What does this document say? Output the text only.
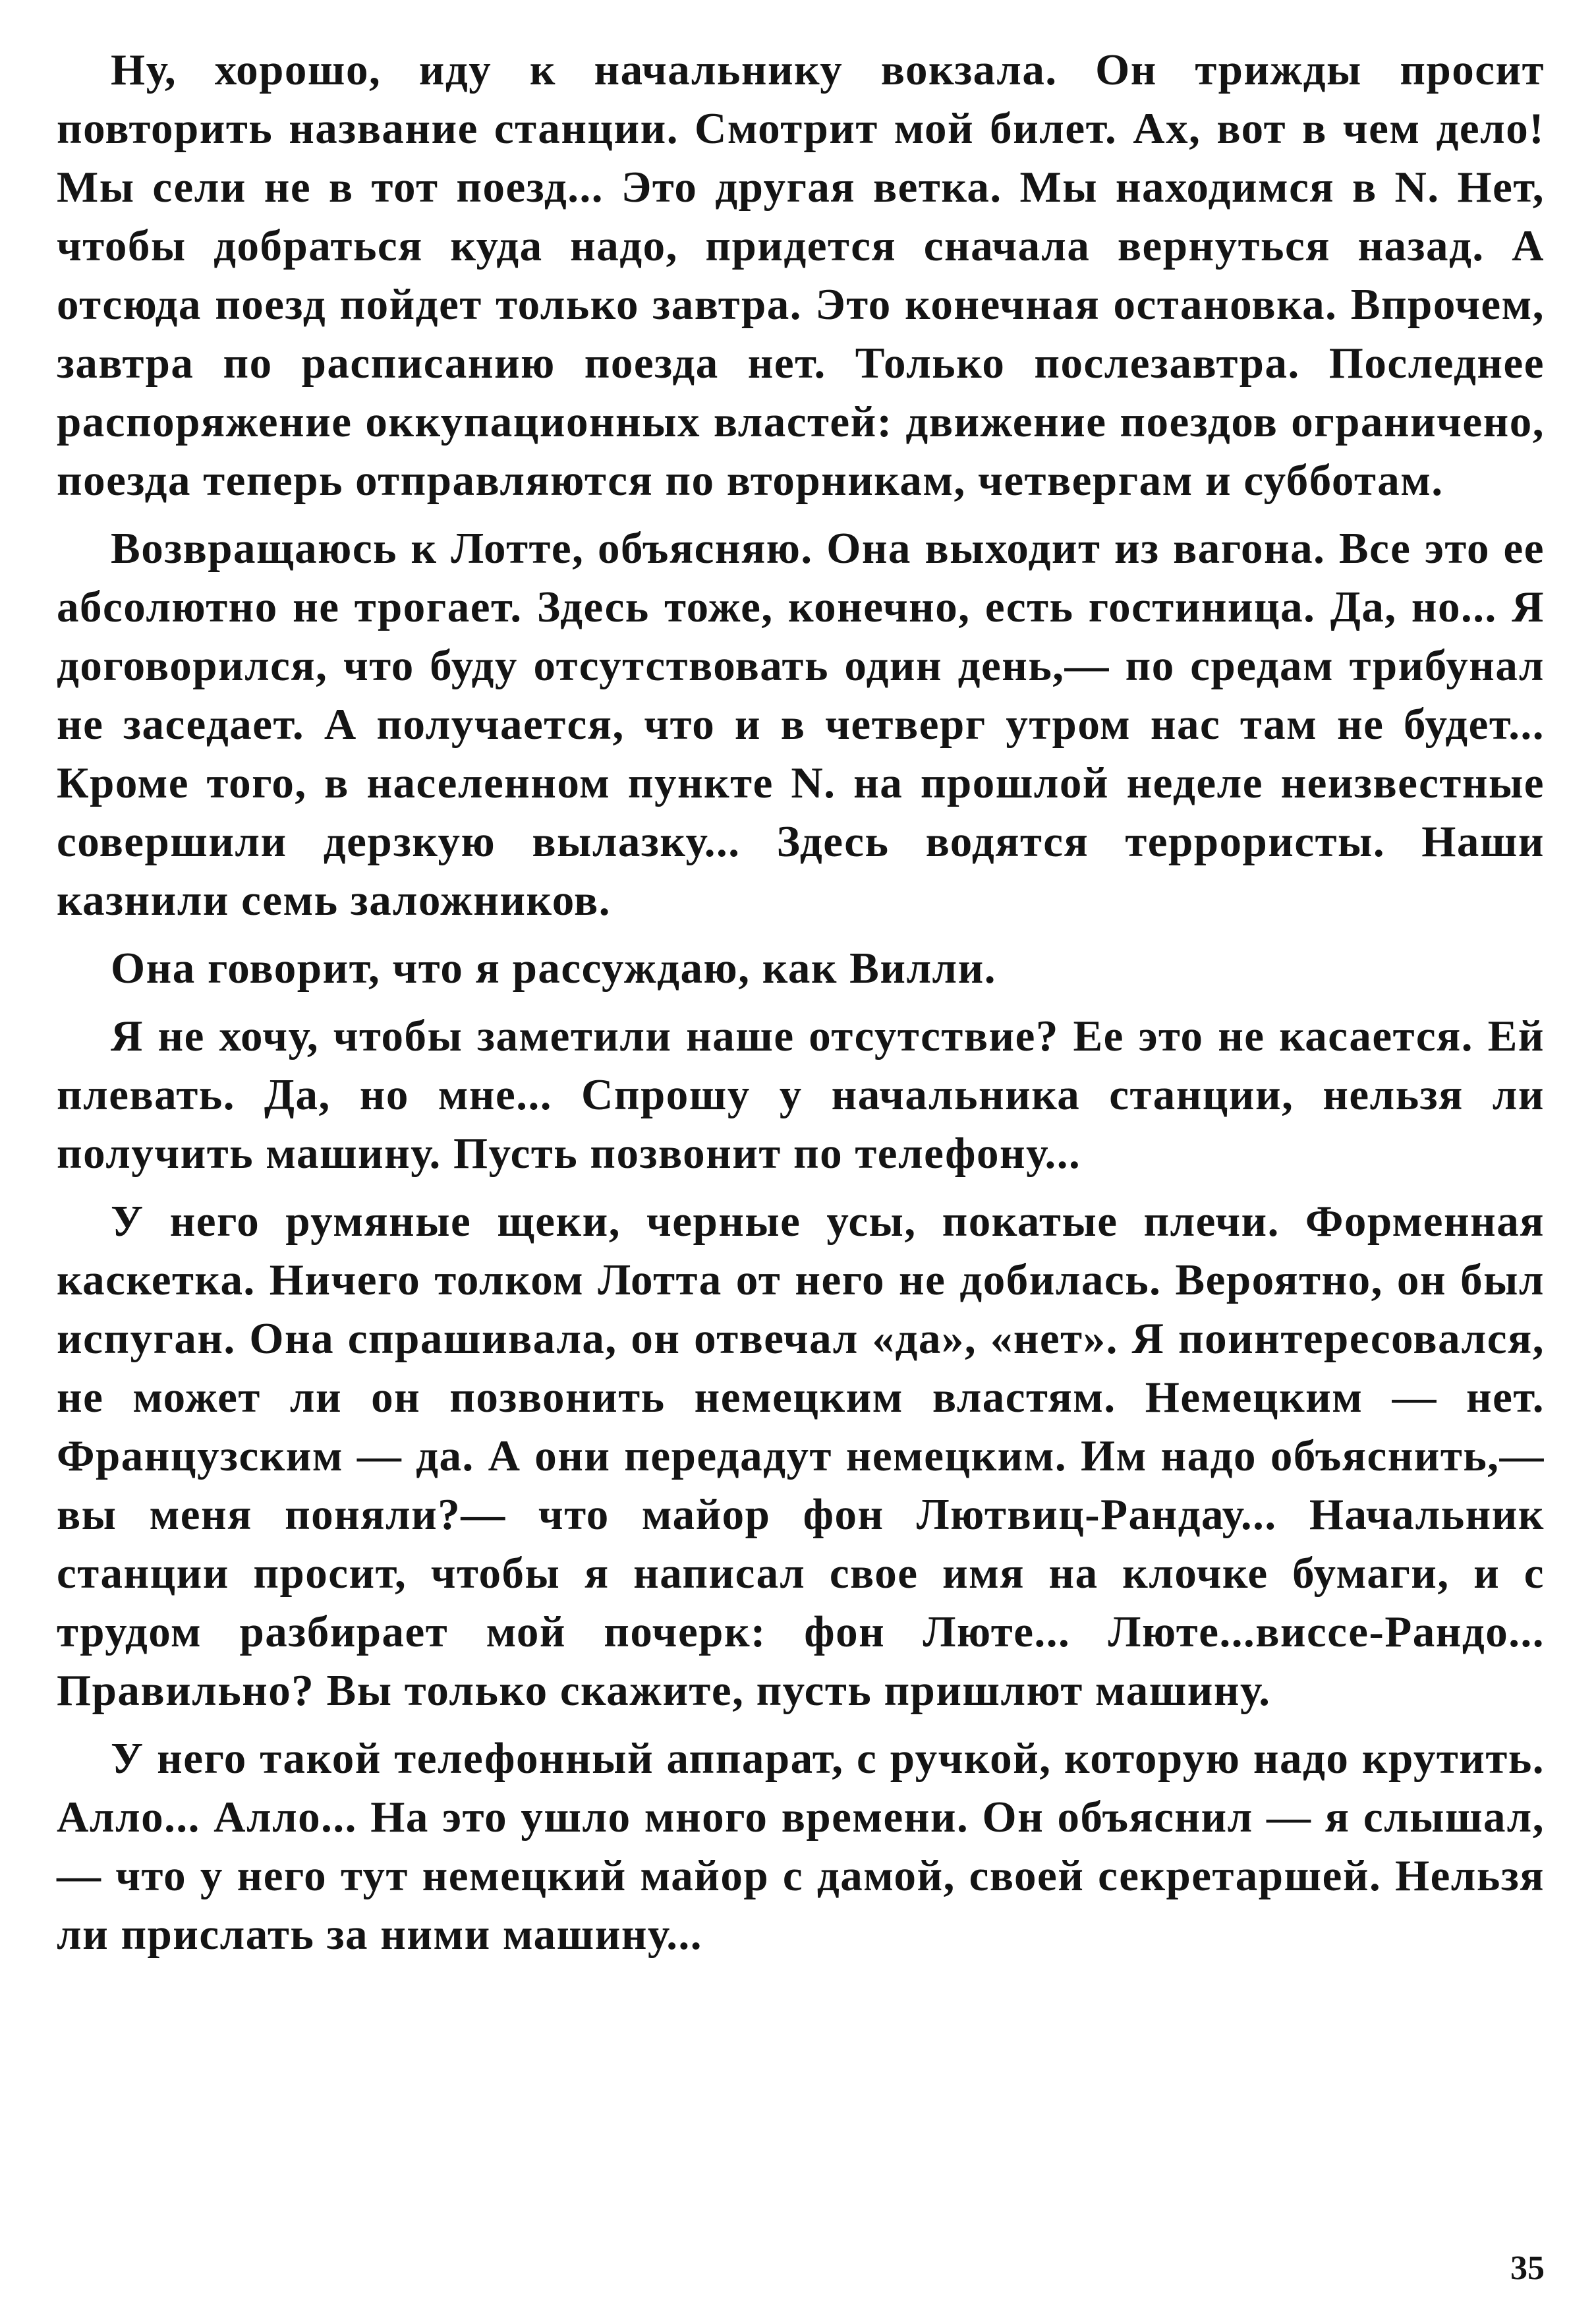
Ну, хорошо, иду к начальнику вокзала. Он трижды просит повторить название станции. Смотрит мой билет. Ах, вот в чем дело! Мы сели не в тот поезд... Это другая ветка. Мы находимся в N. Нет, чтобы добраться куда надо, придется сначала вернуться назад. А отсюда поезд пойдет только завтра. Это конечная остановка. Впрочем, завтра по расписанию поезда нет. Только послезавтра. Последнее распоряжение оккупационных властей: движение поездов ограничено, поезда теперь отправляются по вторникам, четвергам и субботам.

Возвращаюсь к Лотте, объясняю. Она выходит из вагона. Все это ее абсолютно не трогает. Здесь тоже, конечно, есть гостиница. Да, но... Я договорился, что буду отсутствовать один день,— по средам трибунал не заседает. А получается, что и в четверг утром нас там не будет... Кроме того, в населенном пункте N. на прошлой неделе неизвестные совершили дерзкую вылазку... Здесь водятся террористы. Наши казнили семь заложников.

Она говорит, что я рассуждаю, как Вилли.

Я не хочу, чтобы заметили наше отсутствие? Ее это не касается. Ей плевать. Да, но мне... Спрошу у начальника станции, нельзя ли получить машину. Пусть позвонит по телефону...

У него румяные щеки, черные усы, покатые плечи. Форменная каскетка. Ничего толком Лотта от него не добилась. Вероятно, он был испуган. Она спрашивала, он отвечал «да», «нет». Я поинтересовался, не может ли он позвонить немецким властям. Немецким — нет. Французским — да. А они передадут немецким. Им надо объяснить,— вы меня поняли?— что майор фон Лютвиц-Рандау... Начальник станции просит, чтобы я написал свое имя на клочке бумаги, и с трудом разбирает мой почерк: фон Люте... Люте...виссе-Рандо... Правильно? Вы только скажите, пусть пришлют машину.

У него такой телефонный аппарат, с ручкой, которую надо крутить. Алло... Алло... На это ушло много времени. Он объяснил — я слышал,— что у него тут немецкий майор с дамой, своей секретаршей. Нельзя ли прислать за ними машину...

35
